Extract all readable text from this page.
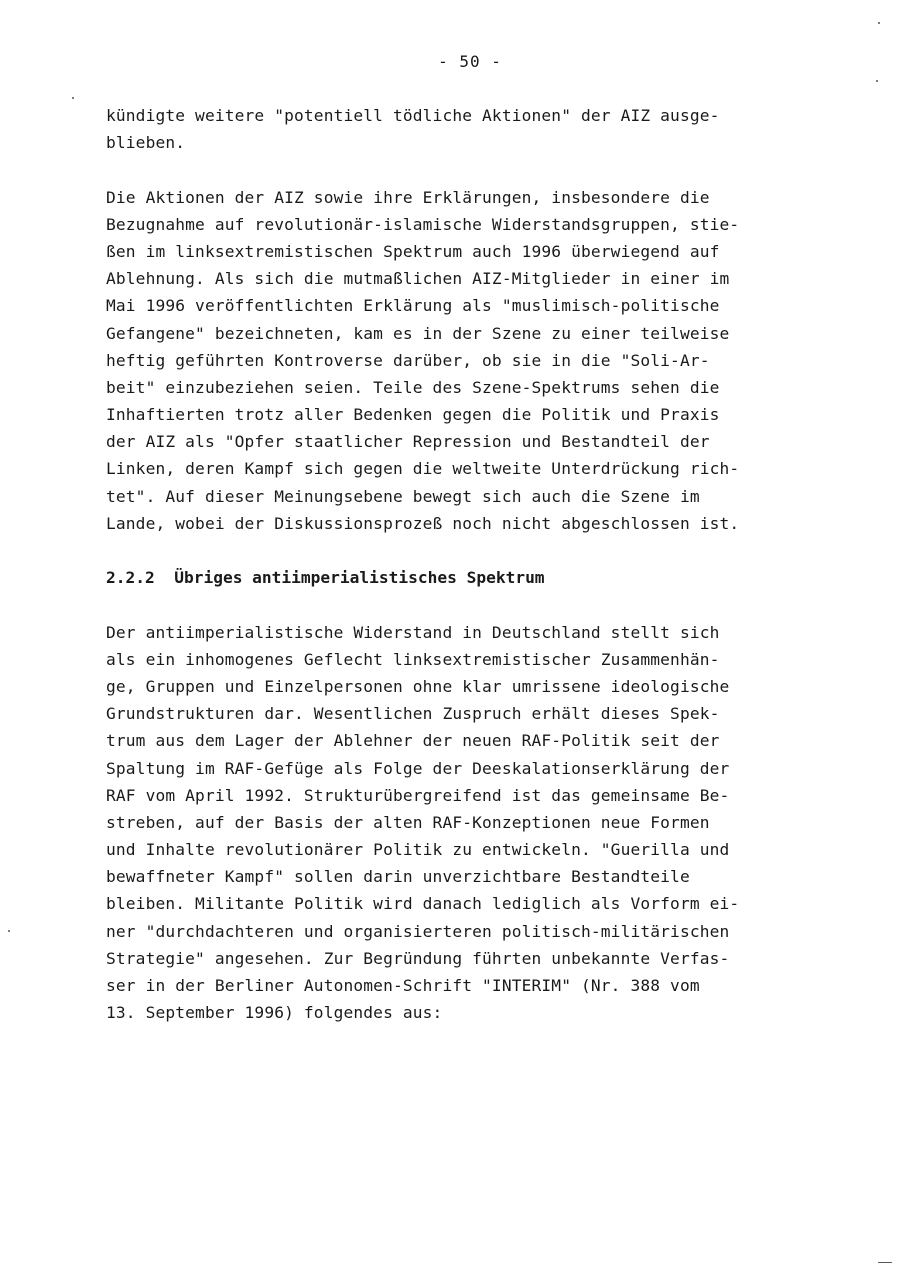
- 50 -
kündigte weitere "potentiell tödliche Aktionen" der AIZ ausge-
blieben.
Die Aktionen der AIZ sowie ihre Erklärungen, insbesondere die
Bezugnahme auf revolutionär-islamische Widerstandsgruppen, stie-
ßen im linksextremistischen Spektrum auch 1996 überwiegend auf
Ablehnung. Als sich die mutmaßlichen AIZ-Mitglieder in einer im
Mai 1996 veröffentlichten Erklärung als "muslimisch-politische
Gefangene" bezeichneten, kam es in der Szene zu einer teilweise
heftig geführten Kontroverse darüber, ob sie in die "Soli-Ar-
beit" einzubeziehen seien. Teile des Szene-Spektrums sehen die
Inhaftierten trotz aller Bedenken gegen die Politik und Praxis
der AIZ als "Opfer staatlicher Repression und Bestandteil der
Linken, deren Kampf sich gegen die weltweite Unterdrückung rich-
tet". Auf dieser Meinungsebene bewegt sich auch die Szene im
Lande, wobei der Diskussionsprozeß noch nicht abgeschlossen ist.
2.2.2  Übriges antiimperialistisches Spektrum
Der antiimperialistische Widerstand in Deutschland stellt sich
als ein inhomogenes Geflecht linksextremistischer Zusammenhän-
ge, Gruppen und Einzelpersonen ohne klar umrissene ideologische
Grundstrukturen dar. Wesentlichen Zuspruch erhält dieses Spek-
trum aus dem Lager der Ablehner der neuen RAF-Politik seit der
Spaltung im RAF-Gefüge als Folge der Deeskalationserklärung der
RAF vom April 1992. Strukturübergreifend ist das gemeinsame Be-
streben, auf der Basis der alten RAF-Konzeptionen neue Formen
und Inhalte revolutionärer Politik zu entwickeln. "Guerilla und
bewaffneter Kampf" sollen darin unverzichtbare Bestandteile
bleiben. Militante Politik wird danach lediglich als Vorform ei-
ner "durchdachteren und organisierteren politisch-militärischen
Strategie" angesehen. Zur Begründung führten unbekannte Verfas-
ser in der Berliner Autonomen-Schrift "INTERIM" (Nr. 388 vom
13. September 1996) folgendes aus:
